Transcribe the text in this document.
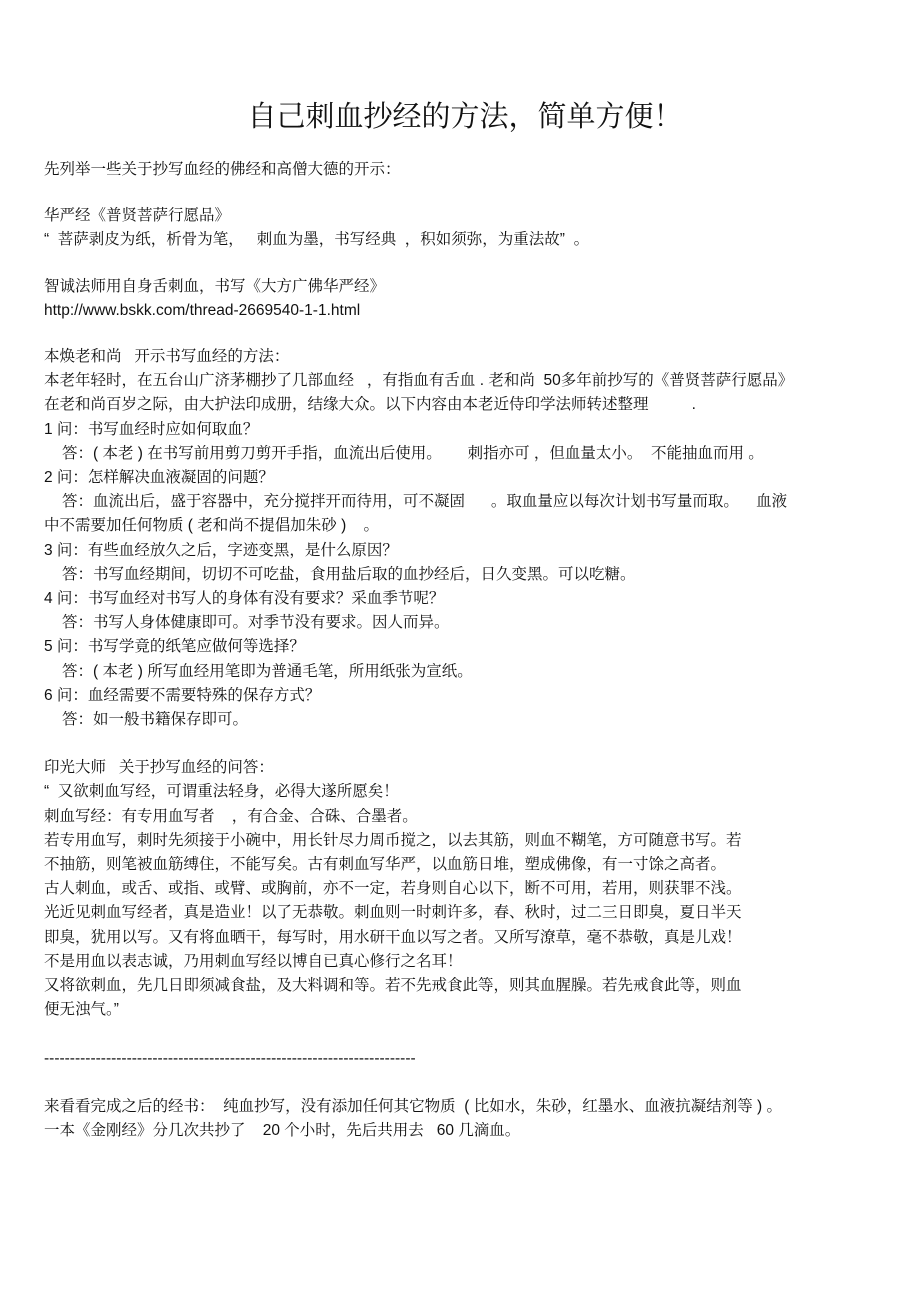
自己刺血抄经的方法，简单方便！
先列举一些关于抄写血经的佛经和高僧大德的开示：
华严经《普贤菩萨行愿品》
“  菩萨剥皮为纸，析骨为笔，   刺血为墨，书写经典  ，积如须弥，为重法故”  。
智诚法师用自身舌刺血，书写《大方广佛华严经》
http://www.bskk.com/thread-2669540-1-1.html
本焕老和尚   开示书写血经的方法：
本老年轻时，在五台山广济茅棚抄了几部血经   ，有指血有舌血 . 老和尚  50多年前抄写的《普贤菩萨行愿品》
在老和尚百岁之际，由大护法印成册，结缘大众。以下内容由本老近侍印学法师转述整理          .
1 问：书写血经时应如何取血？
答：( 本老 ) 在书写前用剪刀剪开手指，血流出后使用。      刺指亦可 ，但血量太小。  不能抽血而用 。
2 问：怎样解决血液凝固的问题？
答：血流出后，盛于容器中，充分搅拌开而待用，可不凝固      。取血量应以每次计划书写量而取。    血液
中不需要加任何物质 ( 老和尚不提倡加朱砂 )    。
3 问：有些血经放久之后，字迹变黑，是什么原因？
答：书写血经期间，切切不可吃盐，食用盐后取的血抄经后，日久变黑。可以吃糖。
4 问：书写血经对书写人的身体有没有要求？采血季节呢？
答：书写人身体健康即可。对季节没有要求。因人而异。
5 问：书写学竟的纸笔应做何等选择？
答：( 本老 ) 所写血经用笔即为普通毛笔，所用纸张为宣纸。
6 问：血经需要不需要特殊的保存方式？
答：如一般书籍保存即可。
印光大师   关于抄写血经的问答：
“  又欲刺血写经，可谓重法轻身，必得大遂所愿矣！
刺血写经：有专用血写者    ，有合金、合硃、合墨者。
若专用血写，刺时先须接于小碗中，用长针尽力周币搅之，以去其筋，则血不糊笔，方可随意书写。若
不抽筋，则笔被血筋缚住，不能写矣。古有刺血写华严，以血筋日堆，塑成佛像，有一寸馀之高者。
古人刺血，或舌、或指、或臂、或胸前，亦不一定，若身则自心以下，断不可用，若用，则获罪不浅。
光近见刺血写经者，真是造业！以了无恭敬。刺血则一时刺许多，春、秋时，过二三日即臭，夏日半天
即臭，犹用以写。又有将血晒干，每写时，用水研干血以写之者。又所写潦草，毫不恭敬，真是儿戏！
不是用血以表志诚，乃用刺血写经以博自已真心修行之名耳！
又将欲刺血，先几日即须减食盐，及大料调和等。若不先戒食此等，则其血腥臊。若先戒食此等，则血
便无浊气。”
------------------------------------------------------------------------
来看看完成之后的经书：  纯血抄写，没有添加任何其它物质  ( 比如水，朱砂，红墨水、血液抗凝结剂等 ) 。
一本《金刚经》分几次共抄了    20 个小时，先后共用去   60 几滴血。
